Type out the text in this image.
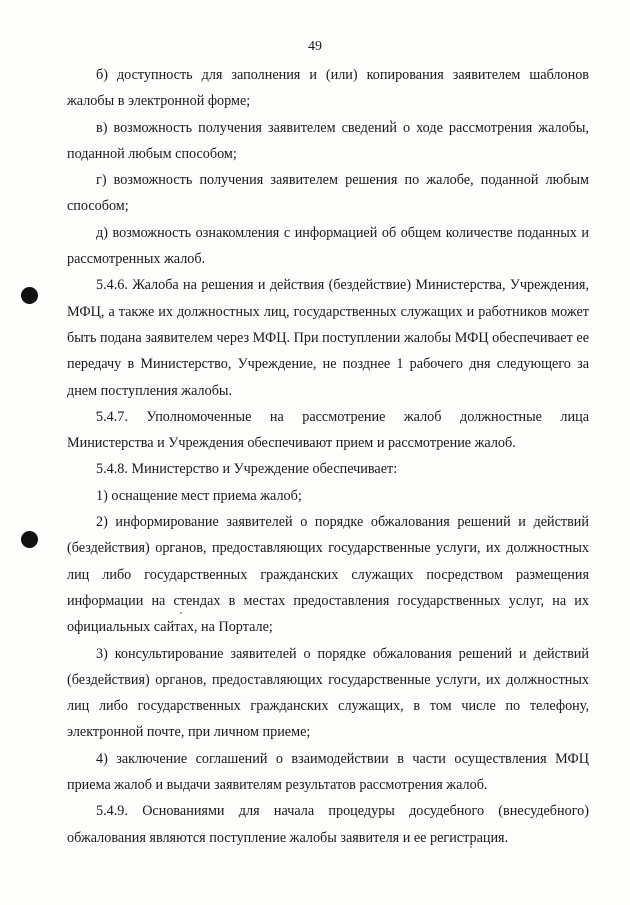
49

б) доступность для заполнения и (или) копирования заявителем шаблонов жалобы в электронной форме;

в) возможность получения заявителем сведений о ходе рассмотрения жалобы, поданной любым способом;

г) возможность получения заявителем решения по жалобе, поданной любым способом;

д) возможность ознакомления с информацией об общем количестве поданных и рассмотренных жалоб.

5.4.6. Жалоба на решения и действия (бездействие) Министерства, Учреждения, МФЦ, а также их должностных лиц, государственных служащих и работников может быть подана заявителем через МФЦ. При поступлении жалобы МФЦ обеспечивает ее передачу в Министерство, Учреждение, не позднее 1 рабочего дня следующего за днем поступления жалобы.

5.4.7. Уполномоченные на рассмотрение жалоб должностные лица Министерства и Учреждения обеспечивают прием и рассмотрение жалоб.

5.4.8. Министерство и Учреждение обеспечивает:

1) оснащение мест приема жалоб;

2) информирование заявителей о порядке обжалования решений и действий (бездействия) органов, предоставляющих государственные услуги, их должностных лиц либо государственных гражданских служащих посредством размещения информации на стендах в местах предоставления государственных услуг, на их официальных сайтах, на Портале;

3) консультирование заявителей о порядке обжалования решений и действий (бездействия) органов, предоставляющих государственные услуги, их должностных лиц либо государственных гражданских служащих, в том числе по телефону, электронной почте, при личном приеме;

4) заключение соглашений о взаимодействии в части осуществления МФЦ приема жалоб и выдачи заявителям результатов рассмотрения жалоб.

5.4.9. Основаниями для начала процедуры досудебного (внесудебного) обжалования являются поступление жалобы заявителя и ее регистрация.
